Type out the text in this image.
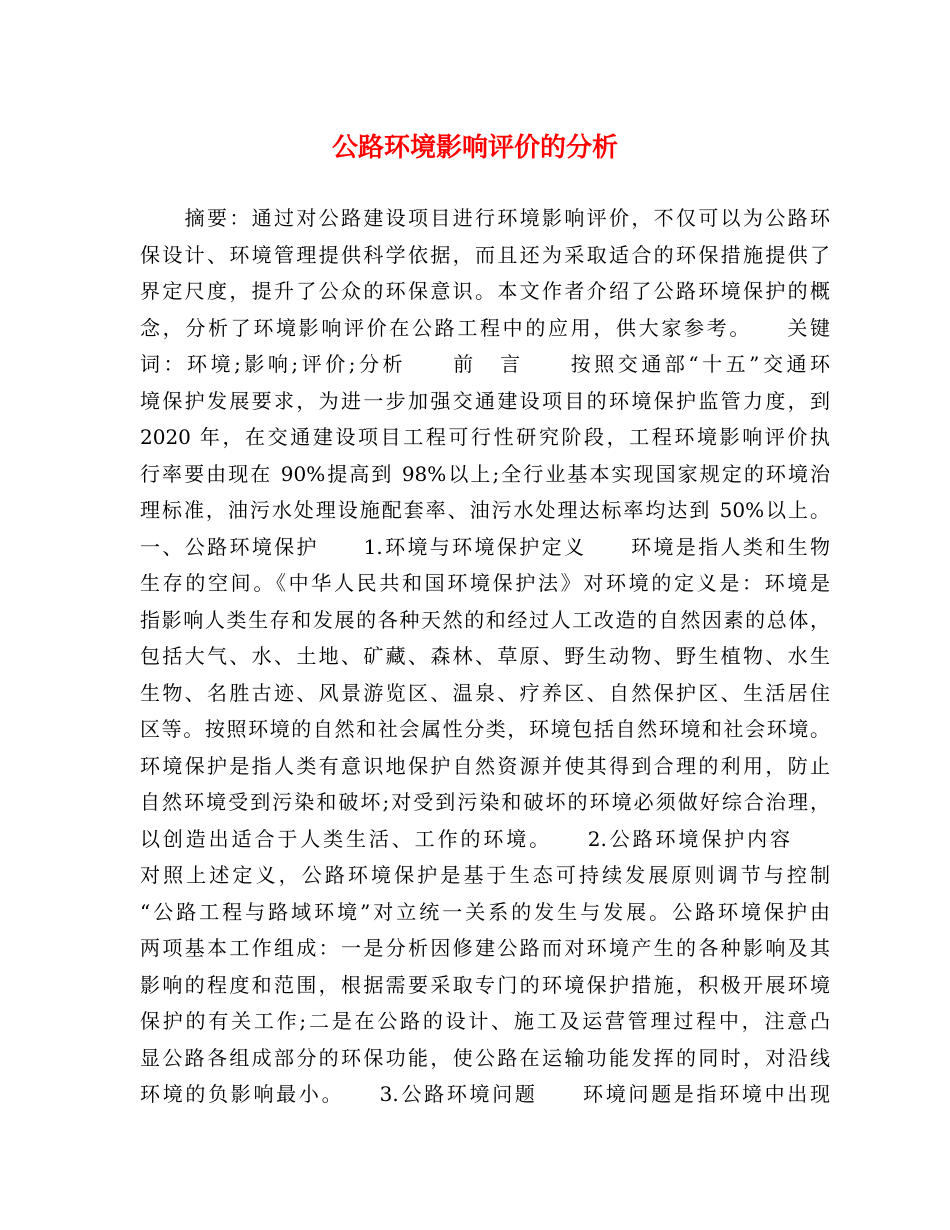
公路环境影响评价的分析
　　摘要：通过对公路建设项目进行环境影响评价，不仅可以为公路环
保设计、环境管理提供科学依据，而且还为采取适合的环保措施提供了
界定尺度，提升了公众的环保意识。本文作者介绍了公路环境保护的概
念，分析了环境影响评价在公路工程中的应用，供大家参考。　　关键
词：环境;影响;评价;分析　　前　言　　按照交通部“十五”交通环
境保护发展要求，为进一步加强交通建设项目的环境保护监管力度，到
2020 年，在交通建设项目工程可行性研究阶段，工程环境影响评价执
行率要由现在 90%提高到 98%以上;全行业基本实现国家规定的环境治
理标准，油污水处理设施配套率、油污水处理达标率均达到 50%以上。
一、公路环境保护　　1.环境与环境保护定义　　环境是指人类和生物
生存的空间。《中华人民共和国环境保护法》对环境的定义是：环境是
指影响人类生存和发展的各种天然的和经过人工改造的自然因素的总体，
包括大气、水、土地、矿藏、森林、草原、野生动物、野生植物、水生
生物、名胜古迹、风景游览区、温泉、疗养区、自然保护区、生活居住
区等。按照环境的自然和社会属性分类，环境包括自然环境和社会环境。
环境保护是指人类有意识地保护自然资源并使其得到合理的利用，防止
自然环境受到污染和破坏;对受到污染和破坏的环境必须做好综合治理，
以创造出适合于人类生活、工作的环境。　　2.公路环境保护内容　　
对照上述定义，公路环境保护是基于生态可持续发展原则调节与控制
“公路工程与路域环境”对立统一关系的发生与发展。公路环境保护由
两项基本工作组成：一是分析因修建公路而对环境产生的各种影响及其
影响的程度和范围，根据需要采取专门的环境保护措施，积极开展环境
保护的有关工作;二是在公路的设计、施工及运营管理过程中，注意凸
显公路各组成部分的环保功能，使公路在运输功能发挥的同时，对沿线
环境的负影响最小。　　3.公路环境问题　　环境问题是指环境中出现
